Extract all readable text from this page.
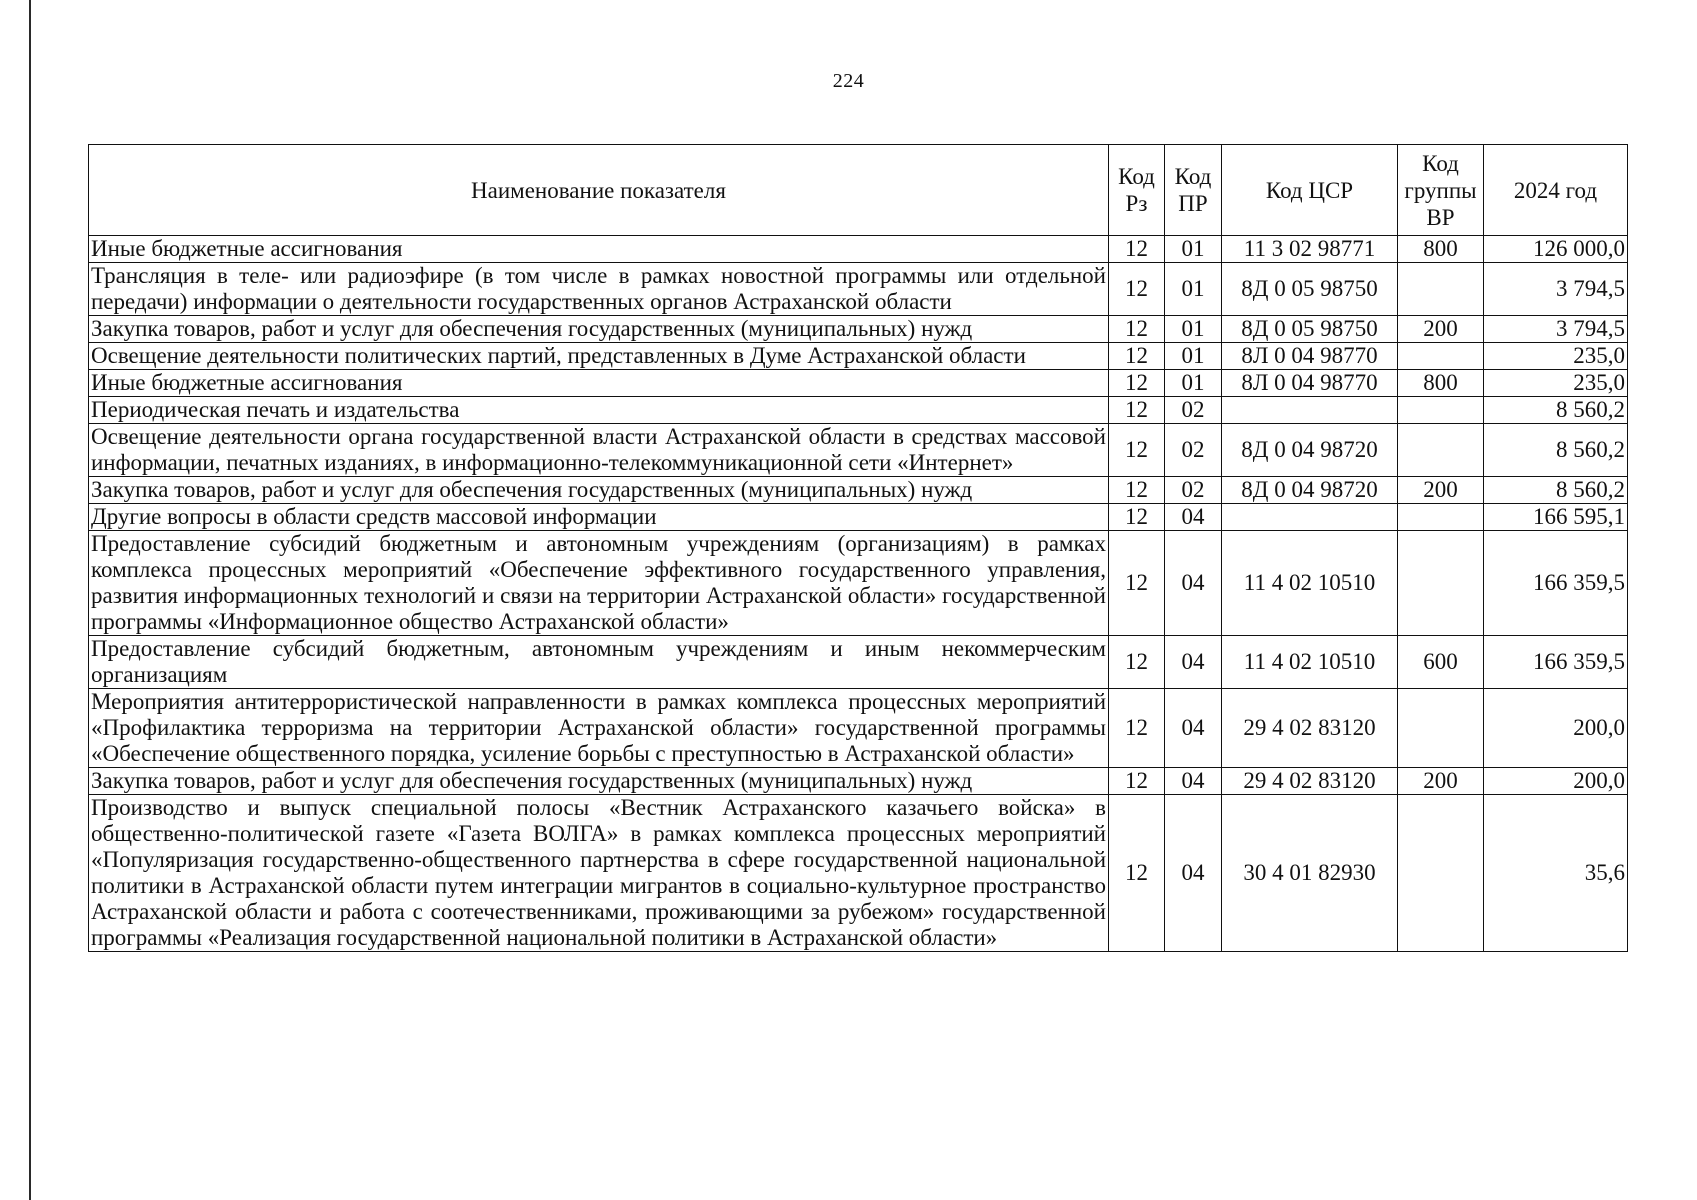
224
Наименование показателя	Код Рз	Код ПР	Код ЦСР	Код группы ВР	2024 год
Иные бюджетные ассигнования	12	01	11 3 02 98771	800	126 000,0
Трансляция в теле- или радиоэфире (в том числе в рамках новостной программы или отдельной передачи) информации о деятельности государственных органов Астраханской области	12	01	8Д 0 05 98750		3 794,5
Закупка товаров, работ и услуг для обеспечения государственных (муниципальных) нужд	12	01	8Д 0 05 98750	200	3 794,5
Освещение деятельности политических партий, представленных в Думе Астраханской области	12	01	8Л 0 04 98770		235,0
Иные бюджетные ассигнования	12	01	8Л 0 04 98770	800	235,0
Периодическая печать и издательства	12	02			8 560,2
Освещение деятельности органа государственной власти Астраханской области в средствах массовой информации, печатных изданиях, в информационно-телекоммуникационной сети «Интернет»	12	02	8Д 0 04 98720		8 560,2
Закупка товаров, работ и услуг для обеспечения государственных (муниципальных) нужд	12	02	8Д 0 04 98720	200	8 560,2
Другие вопросы в области средств массовой информации	12	04			166 595,1
Предоставление субсидий бюджетным и автономным учреждениям (организациям) в рамках комплекса процессных мероприятий «Обеспечение эффективного государственного управления, развития информационных технологий и связи на территории Астраханской области» государственной программы «Информационное общество Астраханской области»	12	04	11 4 02 10510		166 359,5
Предоставление субсидий бюджетным, автономным учреждениям и иным некоммерческим организациям	12	04	11 4 02 10510	600	166 359,5
Мероприятия антитеррористической направленности в рамках комплекса процессных мероприятий «Профилактика терроризма на территории Астраханской области» государственной программы «Обеспечение общественного порядка, усиление борьбы с преступностью в Астраханской области»	12	04	29 4 02 83120		200,0
Закупка товаров, работ и услуг для обеспечения государственных (муниципальных) нужд	12	04	29 4 02 83120	200	200,0
Производство и выпуск специальной полосы «Вестник Астраханского казачьего войска» в общественно-политической газете «Газета ВОЛГА» в рамках комплекса процессных мероприятий «Популяризация государственно-общественного партнерства в сфере государственной национальной политики в Астраханской области путем интеграции мигрантов в социально-культурное пространство Астраханской области и работа с соотечественниками, проживающими за рубежом» государственной программы «Реализация государственной национальной политики в Астраханской области»	12	04	30 4 01 82930		35,6
